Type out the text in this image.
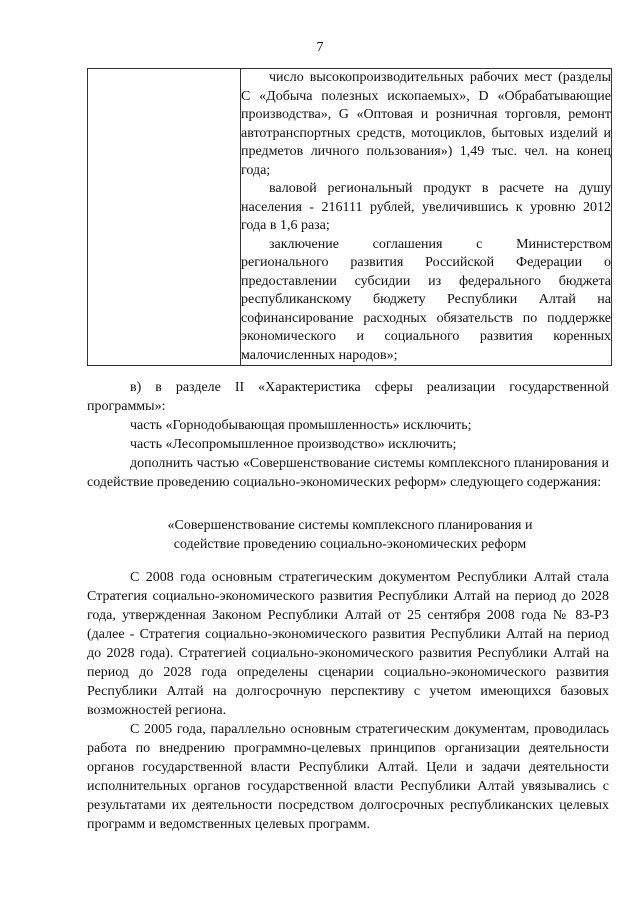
7

число высокопроизводительных рабочих мест (разделы С «Добыча полезных ископаемых», D «Обрабатывающие производства», G «Оптовая и розничная торговля, ремонт автотранспортных средств, мотоциклов, бытовых изделий и предметов личного пользования») 1,49 тыс. чел. на конец года;

валовой региональный продукт в расчете на душу населения - 216111 рублей, увеличившись к уровню 2012 года в 1,6 раза;

заключение соглашения с Министерством регионального развития Российской Федерации о предоставлении субсидии из федерального бюджета республиканскому бюджету Республики Алтай на софинансирование расходных обязательств по поддержке экономического и социального развития коренных малочисленных народов»;

в) в разделе II «Характеристика сферы реализации государственной программы»:

часть «Горнодобывающая промышленность» исключить;

часть «Лесопромышленное производство» исключить;

дополнить частью «Совершенствование системы комплексного планирования и содействие проведению социально-экономических реформ» следующего содержания:

«Совершенствование системы комплексного планирования и содействие проведению социально-экономических реформ

С 2008 года основным стратегическим документом Республики Алтай стала Стратегия социально-экономического развития Республики Алтай на период до 2028 года, утвержденная Законом Республики Алтай от 25 сентября 2008 года № 83-РЗ (далее - Стратегия социально-экономического развития Республики Алтай на период до 2028 года). Стратегией социально-экономического развития Республики Алтай на период до 2028 года определены сценарии социально-экономического развития Республики Алтай на долгосрочную перспективу с учетом имеющихся базовых возможностей региона.

С 2005 года, параллельно основным стратегическим документам, проводилась работа по внедрению программно-целевых принципов организации деятельности органов государственной власти Республики Алтай. Цели и задачи деятельности исполнительных органов государственной власти Республики Алтай увязывались с результатами их деятельности посредством долгосрочных республиканских целевых программ и ведомственных целевых программ.
